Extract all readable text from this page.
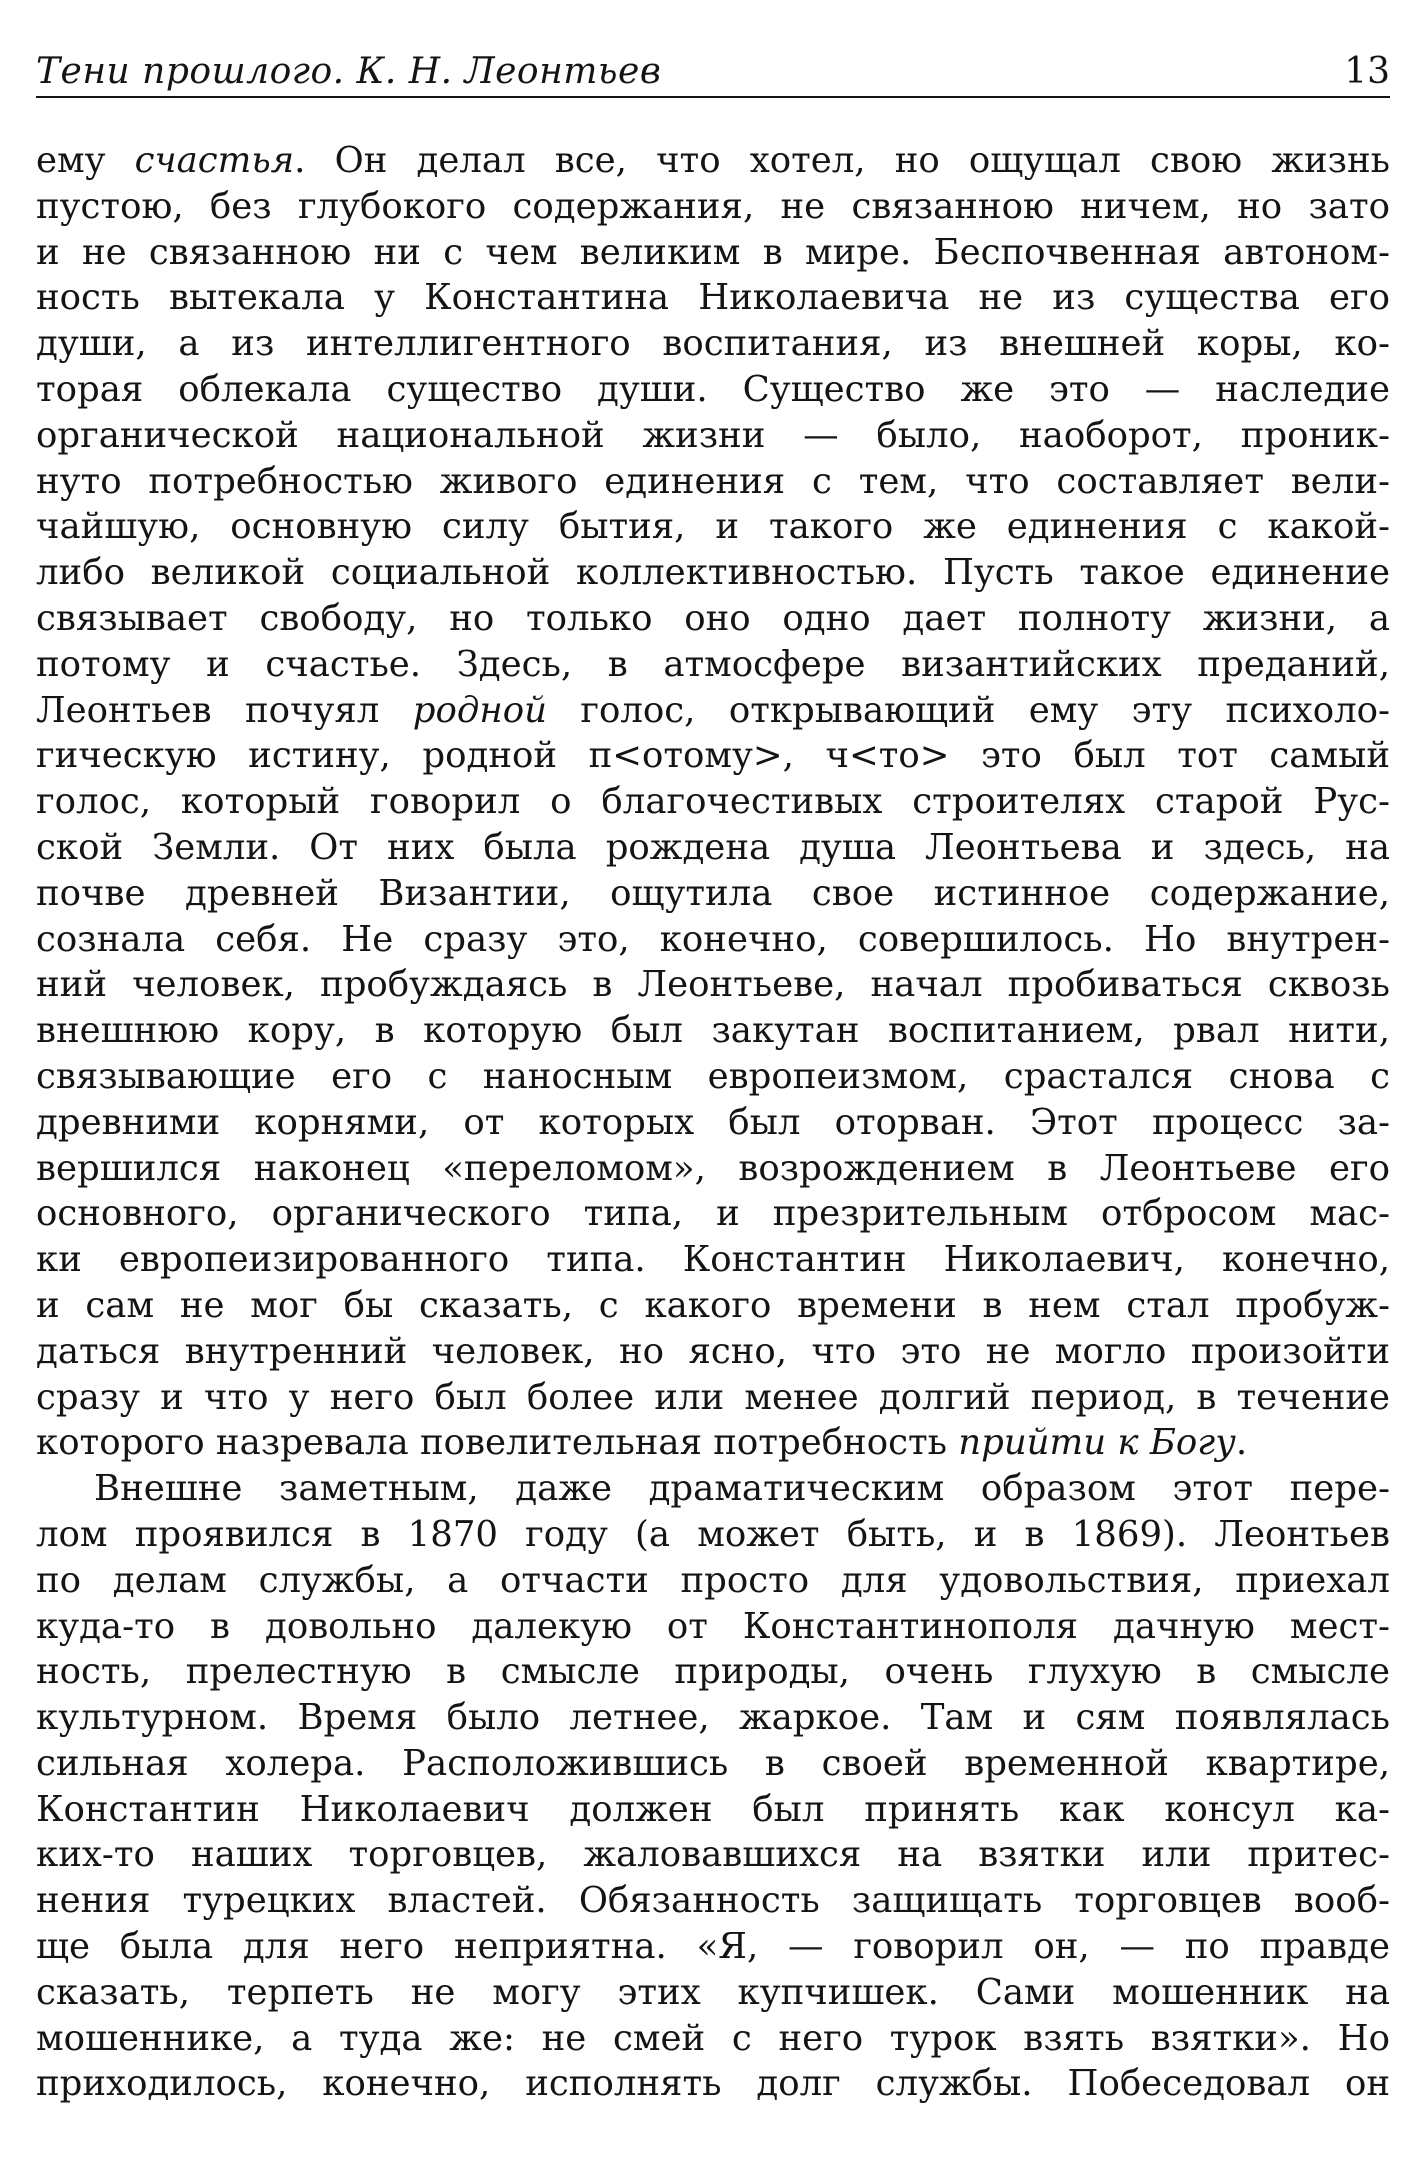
Тени прошлого. К. Н. Леонтьев	13
ему счастья. Он делал все, что хотел, но ощущал свою жизнь
пустою, без глубокого содержания, не связанною ничем, но зато
и не связанною ни с чем великим в мире. Беспочвенная автоном-
ность вытекала у Константина Николаевича не из существа его
души, а из интеллигентного воспитания, из внешней коры, ко-
торая облекала существо души. Существо же это — наследие
органической национальной жизни — было, наоборот, проник-
нуто потребностью живого единения с тем, что составляет вели-
чайшую, основную силу бытия, и такого же единения с какой-
либо великой социальной коллективностью. Пусть такое единение
связывает свободу, но только оно одно дает полноту жизни, а
потому и счастье. Здесь, в атмосфере византийских преданий,
Леонтьев почуял родной голос, открывающий ему эту психоло-
гическую истину, родной п<отому>, ч<то> это был тот самый
голос, который говорил о благочестивых строителях старой Рус-
ской Земли. От них была рождена душа Леонтьева и здесь, на
почве древней Византии, ощутила свое истинное содержание,
сознала себя. Не сразу это, конечно, совершилось. Но внутрен-
ний человек, пробуждаясь в Леонтьеве, начал пробиваться сквозь
внешнюю кору, в которую был закутан воспитанием, рвал нити,
связывающие его с наносным европеизмом, срастался снова с
древними корнями, от которых был оторван. Этот процесс за-
вершился наконец «переломом», возрождением в Леонтьеве его
основного, органического типа, и презрительным отбросом мас-
ки европеизированного типа. Константин Николаевич, конечно,
и сам не мог бы сказать, с какого времени в нем стал пробуж-
даться внутренний человек, но ясно, что это не могло произойти
сразу и что у него был более или менее долгий период, в течение
которого назревала повелительная потребность прийти к Богу.
Внешне заметным, даже драматическим образом этот пере-
лом проявился в 1870 году (а может быть, и в 1869). Леонтьев
по делам службы, а отчасти просто для удовольствия, приехал
куда-то в довольно далекую от Константинополя дачную мест-
ность, прелестную в смысле природы, очень глухую в смысле
культурном. Время было летнее, жаркое. Там и сям появлялась
сильная холера. Расположившись в своей временной квартире,
Константин Николаевич должен был принять как консул ка-
ких-то наших торговцев, жаловавшихся на взятки или притес-
нения турецких властей. Обязанность защищать торговцев вооб-
ще была для него неприятна. «Я, — говорил он, — по правде
сказать, терпеть не могу этих купчишек. Сами мошенник на
мошеннике, а туда же: не смей с него турок взять взятки». Но
приходилось, конечно, исполнять долг службы. Побеседовал он
